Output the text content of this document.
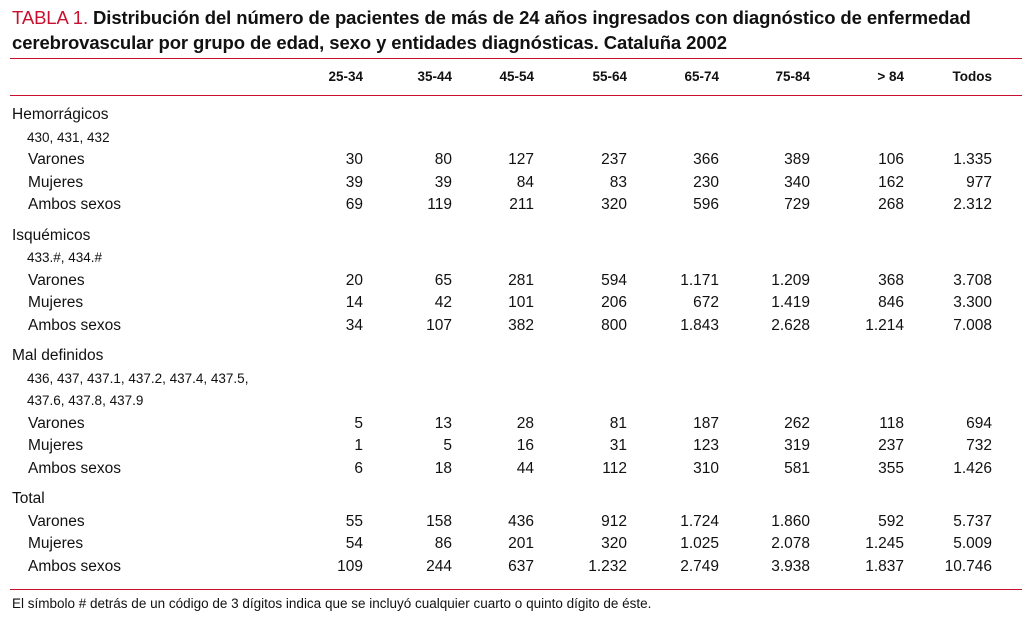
TABLA 1. Distribución del número de pacientes de más de 24 años ingresados con diagnóstico de enfermedad cerebrovascular por grupo de edad, sexo y entidades diagnósticas. Cataluña 2002
	25-34	35-44	45-54	55-64	65-74	75-84	> 84	Todos
Hemorrágicos								
430, 431, 432								
Varones	30	80	127	237	366	389	106	1.335
Mujeres	39	39	84	83	230	340	162	977
Ambos sexos	69	119	211	320	596	729	268	2.312
Isquémicos								
433.#, 434.#								
Varones	20	65	281	594	1.171	1.209	368	3.708
Mujeres	14	42	101	206	672	1.419	846	3.300
Ambos sexos	34	107	382	800	1.843	2.628	1.214	7.008
Mal definidos								
436, 437, 437.1, 437.2, 437.4, 437.5,								
437.6, 437.8, 437.9								
Varones	5	13	28	81	187	262	118	694
Mujeres	1	5	16	31	123	319	237	732
Ambos sexos	6	18	44	112	310	581	355	1.426
Total								
Varones	55	158	436	912	1.724	1.860	592	5.737
Mujeres	54	86	201	320	1.025	2.078	1.245	5.009
Ambos sexos	109	244	637	1.232	2.749	3.938	1.837	10.746
El símbolo # detrás de un código de 3 dígitos indica que se incluyó cualquier cuarto o quinto dígito de éste.
